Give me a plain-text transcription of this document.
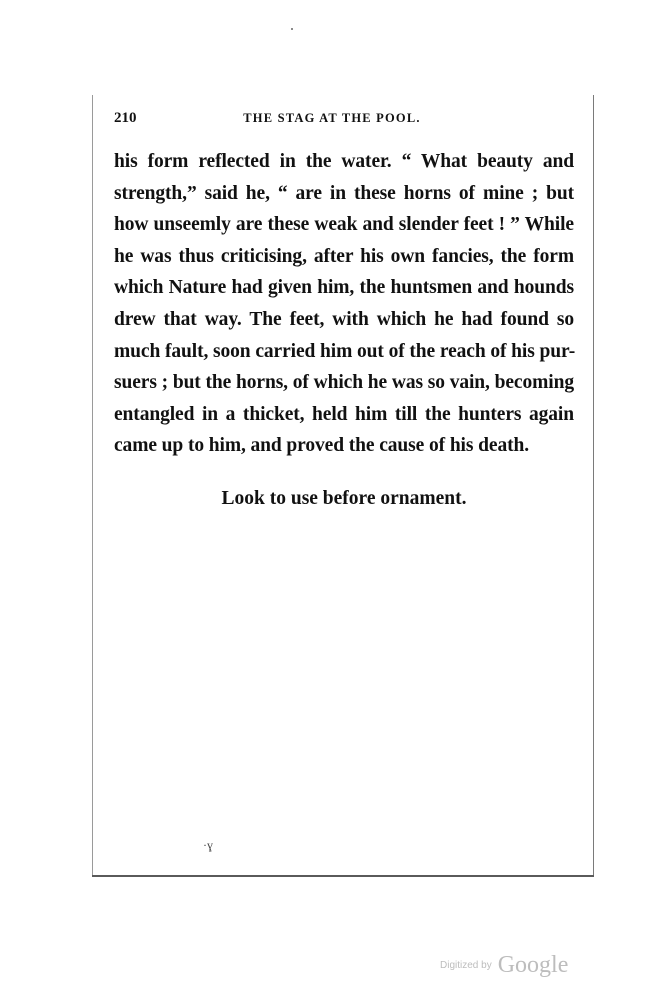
210	THE STAG AT THE POOL.
his form reflected in the water. “ What beauty and
strength,” said he, “ are in these horns of mine ; but
how unseemly are these weak and slender feet ! ” While
he was thus criticising, after his own fancies, the form
which Nature had given him, the huntsmen and hounds
drew that way. The feet, with which he had found so
much fault, soon carried him out of the reach of his pur-
suers ; but the horns, of which he was so vain, becoming
entangled in a thicket, held him till the hunters again
came up to him, and proved the cause of his death.
Look to use before ornament.
·ɣ
Digitized by Google
